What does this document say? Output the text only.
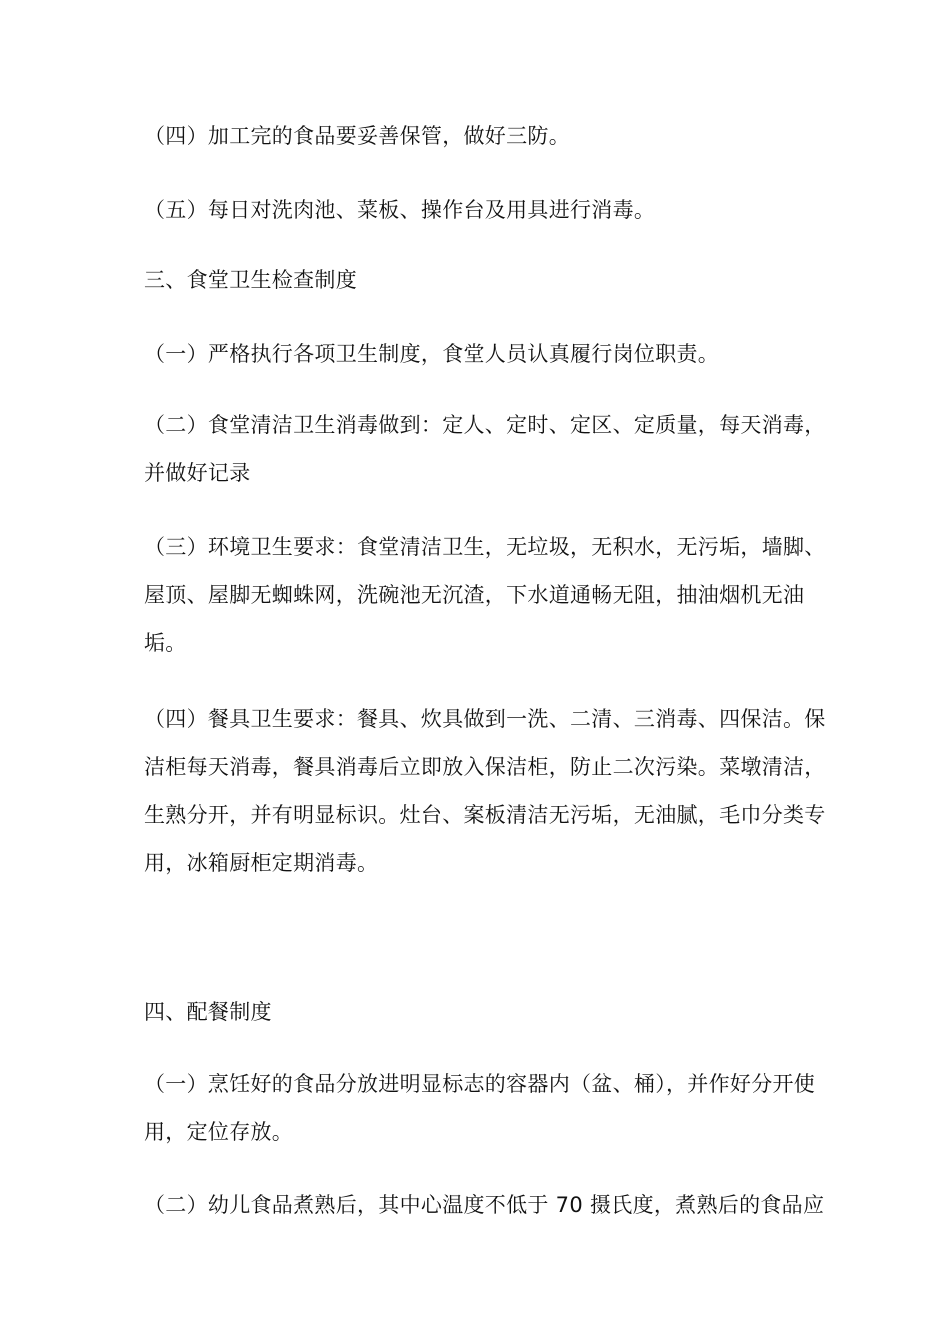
（四）加工完的食品要妥善保管，做好三防。

（五）每日对洗肉池、菜板、操作台及用具进行消毒。

三、食堂卫生检查制度

（一）严格执行各项卫生制度，食堂人员认真履行岗位职责。

（二）食堂清洁卫生消毒做到：定人、定时、定区、定质量，每天消毒，并做好记录

（三）环境卫生要求：食堂清洁卫生，无垃圾，无积水，无污垢，墙脚、屋顶、屋脚无蜘蛛网，洗碗池无沉渣，下水道通畅无阻，抽油烟机无油垢。

（四）餐具卫生要求：餐具、炊具做到一洗、二清、三消毒、四保洁。保洁柜每天消毒，餐具消毒后立即放入保洁柜，防止二次污染。菜墩清洁，生熟分开，并有明显标识。灶台、案板清洁无污垢，无油腻，毛巾分类专用，冰箱厨柜定期消毒。

四、配餐制度

（一）烹饪好的食品分放进明显标志的容器内（盆、桶），并作好分开使用，定位存放。

（二）幼儿食品煮熟后，其中心温度不低于 70 摄氏度，煮熟后的食品应
